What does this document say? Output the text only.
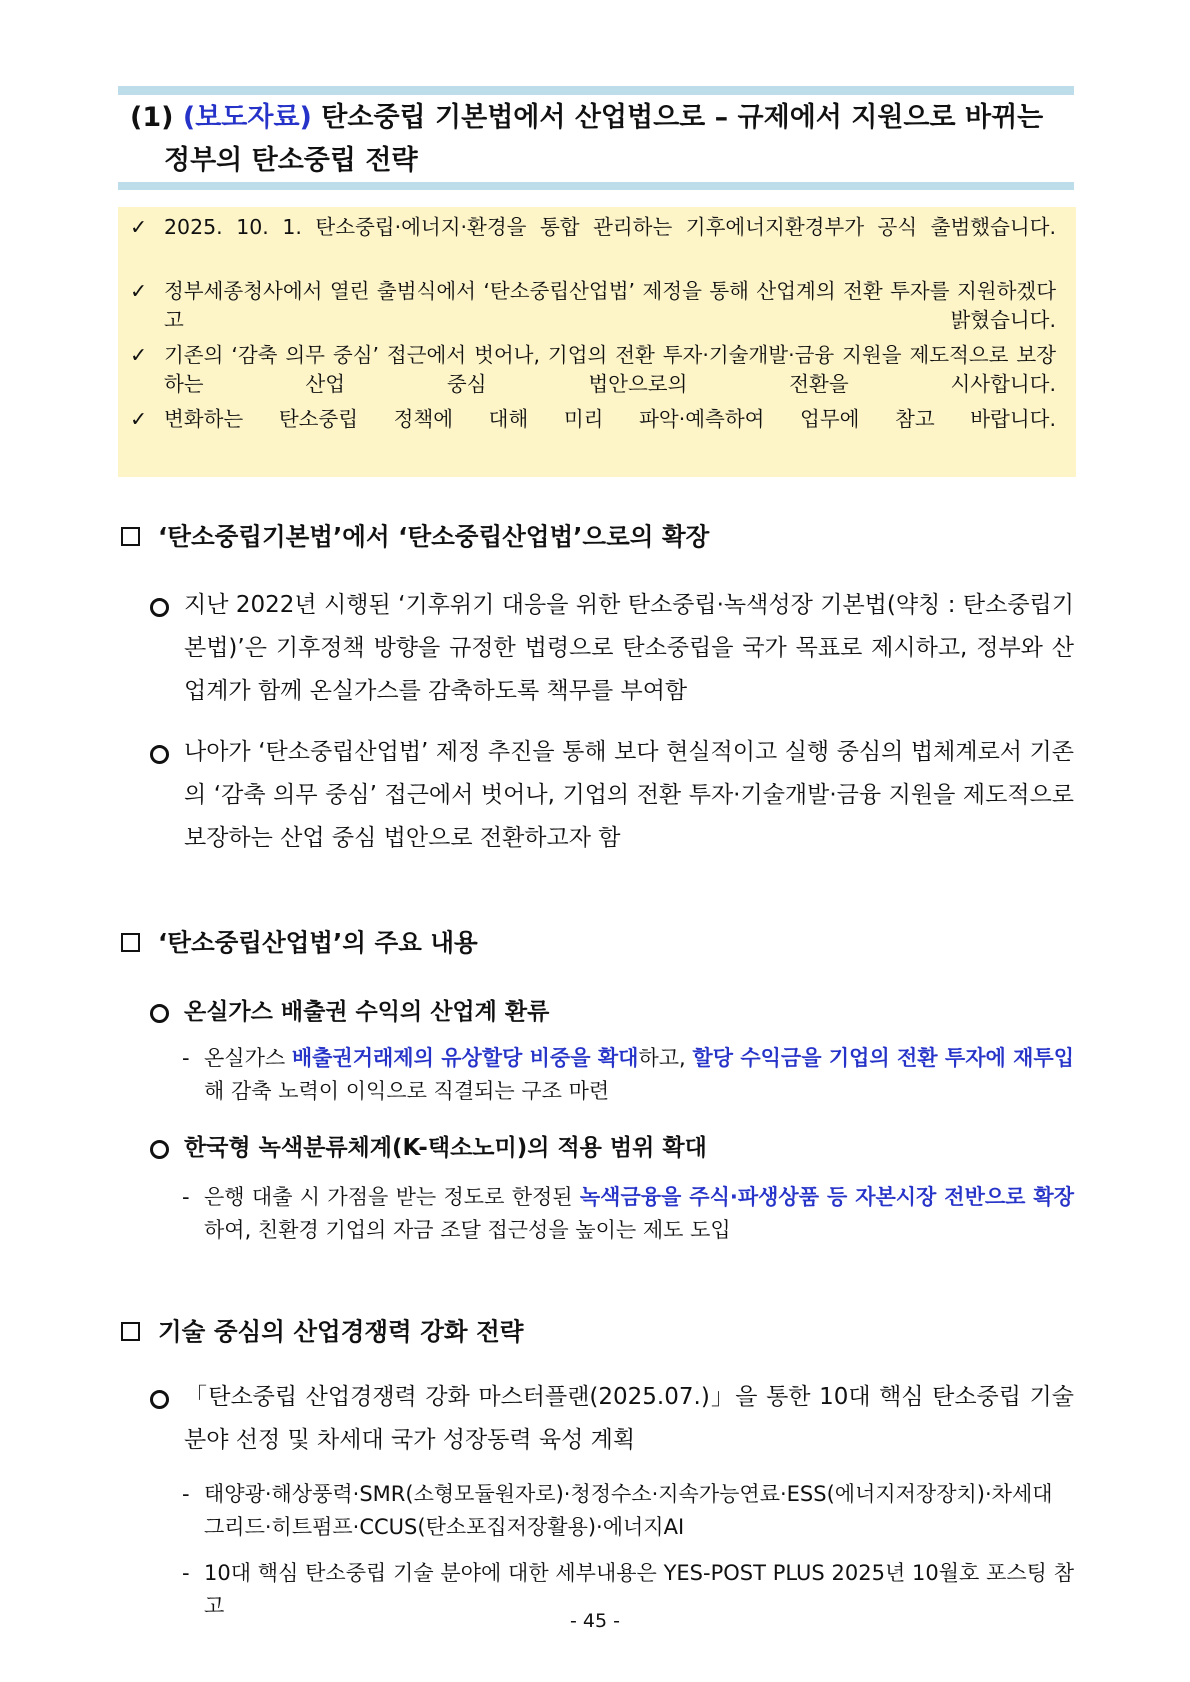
(1) (보도자료) 탄소중립 기본법에서 산업법으로 – 규제에서 지원으로 바뀌는
정부의 탄소중립 전략
✓ 2025. 10. 1. 탄소중립·에너지·환경을 통합 관리하는 기후에너지환경부가 공식 출범했습니다.
✓ 정부세종청사에서 열린 출범식에서 ‘탄소중립산업법’ 제정을 통해 산업계의 전환 투자를 지원하겠다고 밝혔습니다.
✓ 기존의 ‘감축 의무 중심’ 접근에서 벗어나, 기업의 전환 투자·기술개발·금융 지원을 제도적으로 보장하는 산업 중심 법안으로의 전환을 시사합니다.
✓ 변화하는 탄소중립 정책에 대해 미리 파악·예측하여 업무에 참고 바랍니다.
‘탄소중립기본법’에서 ‘탄소중립산업법’으로의 확장
지난 2022년 시행된 ‘기후위기 대응을 위한 탄소중립·녹색성장 기본법(약칭 : 탄소중립기본법)’은 기후정책 방향을 규정한 법령으로 탄소중립을 국가 목표로 제시하고, 정부와 산업계가 함께 온실가스를 감축하도록 책무를 부여함
나아가 ‘탄소중립산업법’ 제정 추진을 통해 보다 현실적이고 실행 중심의 법체계로서 기존의 ‘감축 의무 중심’ 접근에서 벗어나, 기업의 전환 투자·기술개발·금융 지원을 제도적으로 보장하는 산업 중심 법안으로 전환하고자 함
‘탄소중립산업법’의 주요 내용
온실가스 배출권 수익의 산업계 환류
- 온실가스 배출권거래제의 유상할당 비중을 확대하고, 할당 수익금을 기업의 전환 투자에 재투입해 감축 노력이 이익으로 직결되는 구조 마련
한국형 녹색분류체계(K-택소노미)의 적용 범위 확대
- 은행 대출 시 가점을 받는 정도로 한정된 녹색금융을 주식·파생상품 등 자본시장 전반으로 확장하여, 친환경 기업의 자금 조달 접근성을 높이는 제도 도입
기술 중심의 산업경쟁력 강화 전략
「탄소중립 산업경쟁력 강화 마스터플랜(2025.07.)」을 통한 10대 핵심 탄소중립 기술분야 선정 및 차세대 국가 성장동력 육성 계획
- 태양광·해상풍력·SMR(소형모듈원자로)·청정수소·지속가능연료·ESS(에너지저장장치)·차세대 그리드·히트펌프·CCUS(탄소포집저장활용)·에너지AI
- 10대 핵심 탄소중립 기술 분야에 대한 세부내용은 YES-POST PLUS 2025년 10월호 포스팅 참고
- 45 -
